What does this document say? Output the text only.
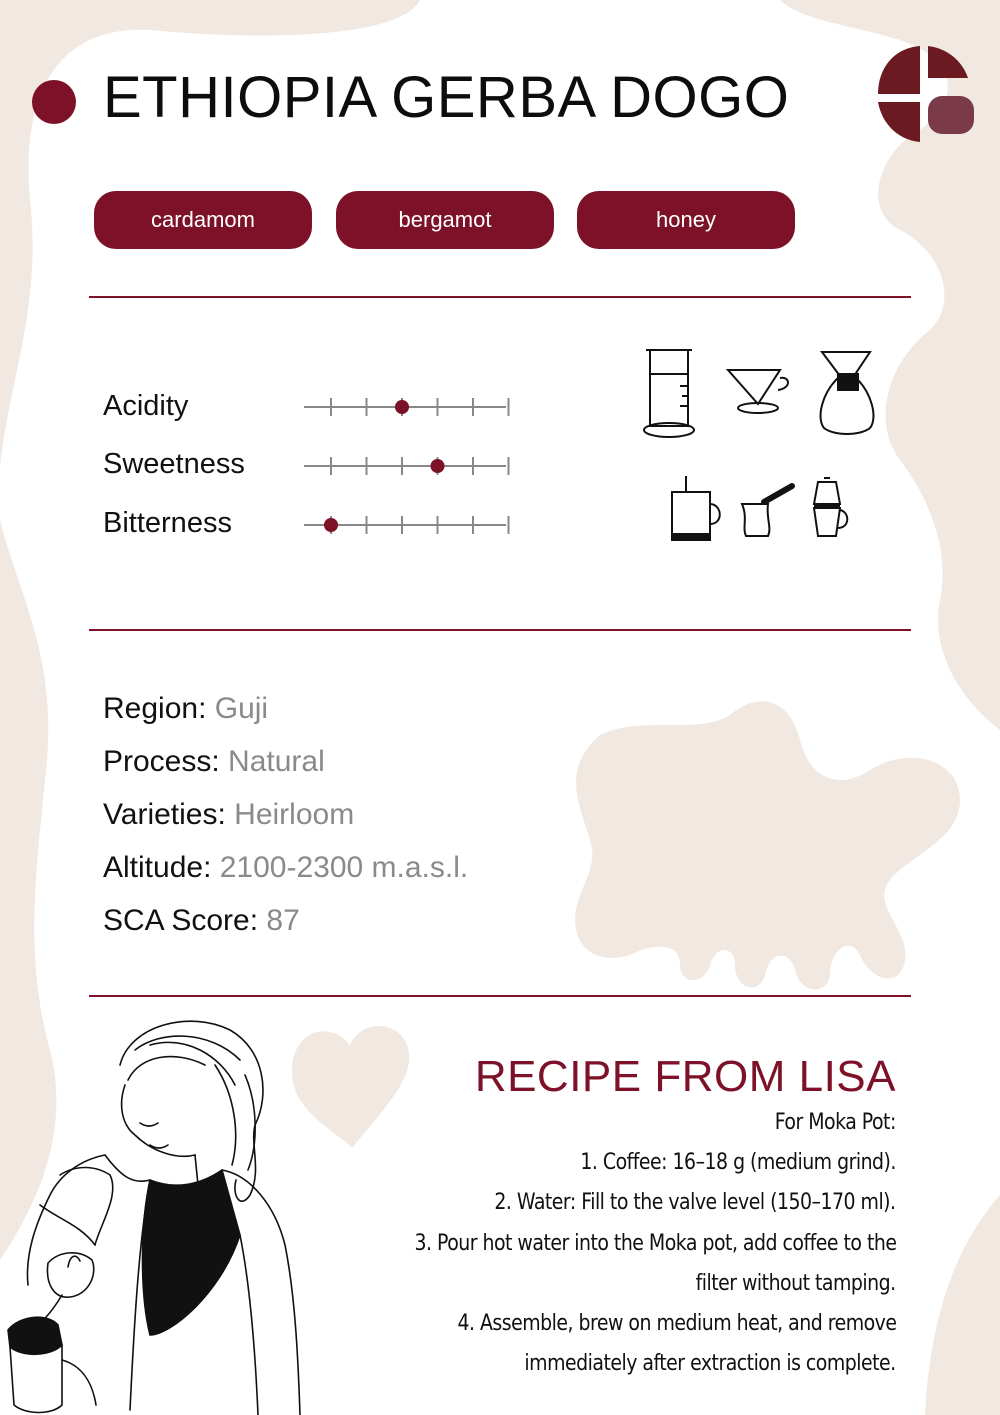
ETHIOPIA GERBA DOGO
cardamom	bergamot	honey
Acidity
Sweetness
Bitterness
Region: Guji
Process: Natural
Varieties: Heirloom
Altitude: 2100-2300 m.a.s.l.
SCA Score: 87
RECIPE FROM LISA
For Moka Pot:
1. Coffee: 16–18 g (medium grind).
2. Water: Fill to the valve level (150–170 ml).
3. Pour hot water into the Moka pot, add coffee to the
filter without tamping.
4. Assemble, brew on medium heat, and remove
immediately after extraction is complete.
